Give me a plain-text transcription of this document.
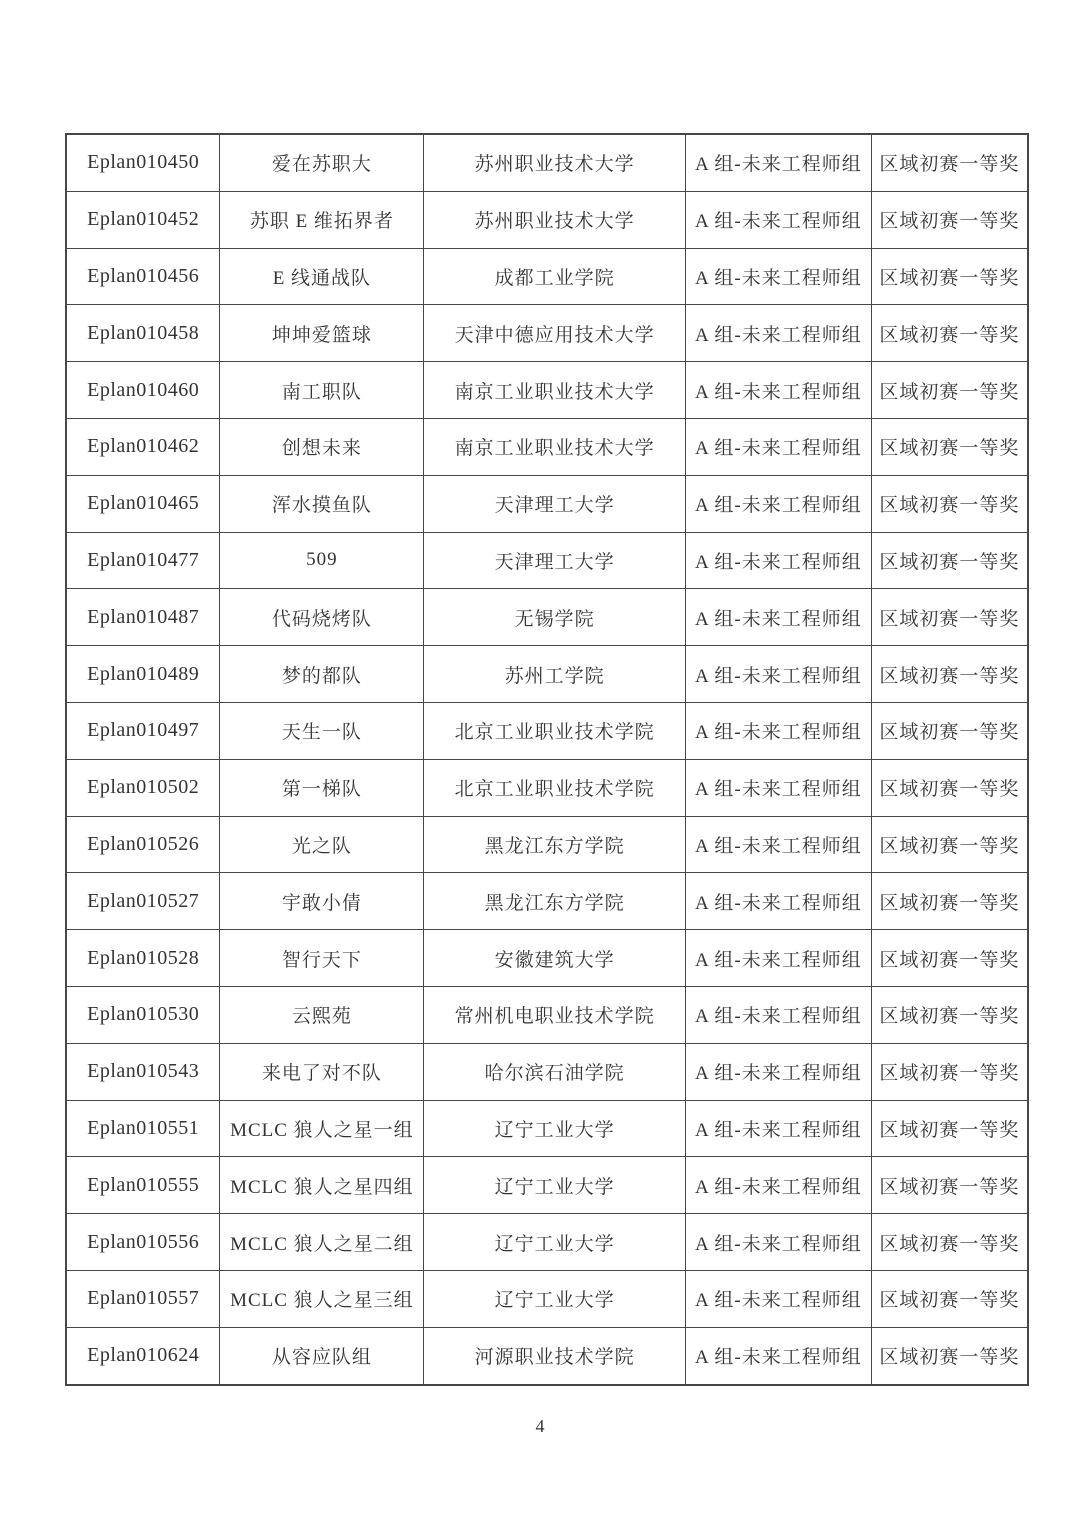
Eplan010450	爱在苏职大	苏州职业技术大学	A 组-未来工程师组	区域初赛一等奖
Eplan010452	苏职 E 维拓界者	苏州职业技术大学	A 组-未来工程师组	区域初赛一等奖
Eplan010456	E 线通战队	成都工业学院	A 组-未来工程师组	区域初赛一等奖
Eplan010458	坤坤爱篮球	天津中德应用技术大学	A 组-未来工程师组	区域初赛一等奖
Eplan010460	南工职队	南京工业职业技术大学	A 组-未来工程师组	区域初赛一等奖
Eplan010462	创想未来	南京工业职业技术大学	A 组-未来工程师组	区域初赛一等奖
Eplan010465	浑水摸鱼队	天津理工大学	A 组-未来工程师组	区域初赛一等奖
Eplan010477	509	天津理工大学	A 组-未来工程师组	区域初赛一等奖
Eplan010487	代码烧烤队	无锡学院	A 组-未来工程师组	区域初赛一等奖
Eplan010489	梦的都队	苏州工学院	A 组-未来工程师组	区域初赛一等奖
Eplan010497	天生一队	北京工业职业技术学院	A 组-未来工程师组	区域初赛一等奖
Eplan010502	第一梯队	北京工业职业技术学院	A 组-未来工程师组	区域初赛一等奖
Eplan010526	光之队	黑龙江东方学院	A 组-未来工程师组	区域初赛一等奖
Eplan010527	宇敢小倩	黑龙江东方学院	A 组-未来工程师组	区域初赛一等奖
Eplan010528	智行天下	安徽建筑大学	A 组-未来工程师组	区域初赛一等奖
Eplan010530	云熙苑	常州机电职业技术学院	A 组-未来工程师组	区域初赛一等奖
Eplan010543	来电了对不队	哈尔滨石油学院	A 组-未来工程师组	区域初赛一等奖
Eplan010551	MCLC 狼人之星一组	辽宁工业大学	A 组-未来工程师组	区域初赛一等奖
Eplan010555	MCLC 狼人之星四组	辽宁工业大学	A 组-未来工程师组	区域初赛一等奖
Eplan010556	MCLC 狼人之星二组	辽宁工业大学	A 组-未来工程师组	区域初赛一等奖
Eplan010557	MCLC 狼人之星三组	辽宁工业大学	A 组-未来工程师组	区域初赛一等奖
Eplan010624	从容应队组	河源职业技术学院	A 组-未来工程师组	区域初赛一等奖
4
